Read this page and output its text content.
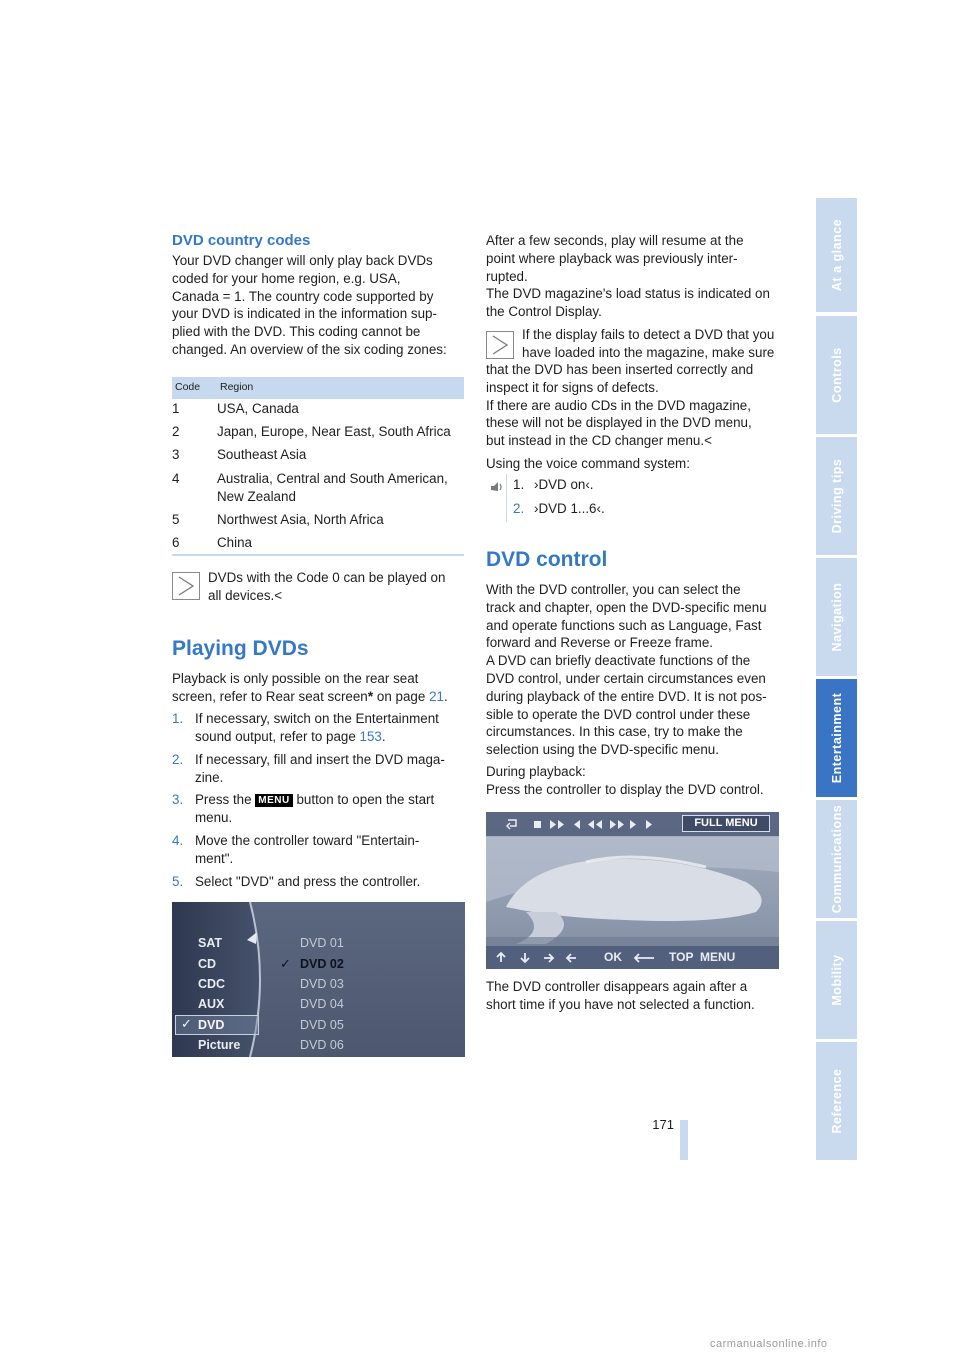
DVD country codes
Your DVD changer will only play back DVDs
coded for your home region, e.g. USA,
Canada = 1. The country code supported by
your DVD is indicated in the information sup-
plied with the DVD. This coding cannot be
changed. An overview of the six coding zones:
Code Region
1	USA, Canada
2	Japan, Europe, Near East, South Africa
3	Southeast Asia
4	Australia, Central and South American, New Zealand
5	Northwest Asia, North Africa
6	China
DVDs with the Code 0 can be played on
all devices.<
Playing DVDs
Playback is only possible on the rear seat
screen, refer to Rear seat screen* on page 21.
1. If necessary, switch on the Entertainment
sound output, refer to page 153.
2. If necessary, fill and insert the DVD maga-
zine.
3. Press the MENU button to open the start
menu.
4. Move the controller toward "Entertain-
ment".
5. Select "DVD" and press the controller.
SAT
CD
CDC
AUX
✓ DVD
Picture
DVD 01
✓ DVD 02
DVD 03
DVD 04
DVD 05
DVD 06
After a few seconds, play will resume at the
point where playback was previously inter-
rupted.
The DVD magazine's load status is indicated on
the Control Display.
If the display fails to detect a DVD that you
have loaded into the magazine, make sure
that the DVD has been inserted correctly and
inspect it for signs of defects.
If there are audio CDs in the DVD magazine,
these will not be displayed in the DVD menu,
but instead in the CD changer menu.<
Using the voice command system:
1. ›DVD on‹.
2. ›DVD 1...6‹.
DVD control
With the DVD controller, you can select the
track and chapter, open the DVD-specific menu
and operate functions such as Language, Fast
forward and Reverse or Freeze frame.
A DVD can briefly deactivate functions of the
DVD control, under certain circumstances even
during playback of the entire DVD. It is not pos-
sible to operate the DVD control under these
circumstances. In this case, try to make the
selection using the DVD-specific menu.
During playback:
Press the controller to display the DVD control.
FULL MENU
OK	TOP MENU
The DVD controller disappears again after a
short time if you have not selected a function.
At a glance
Controls
Driving tips
Navigation
Entertainment
Communications
Mobility
Reference
171
carmanualsonline.info
